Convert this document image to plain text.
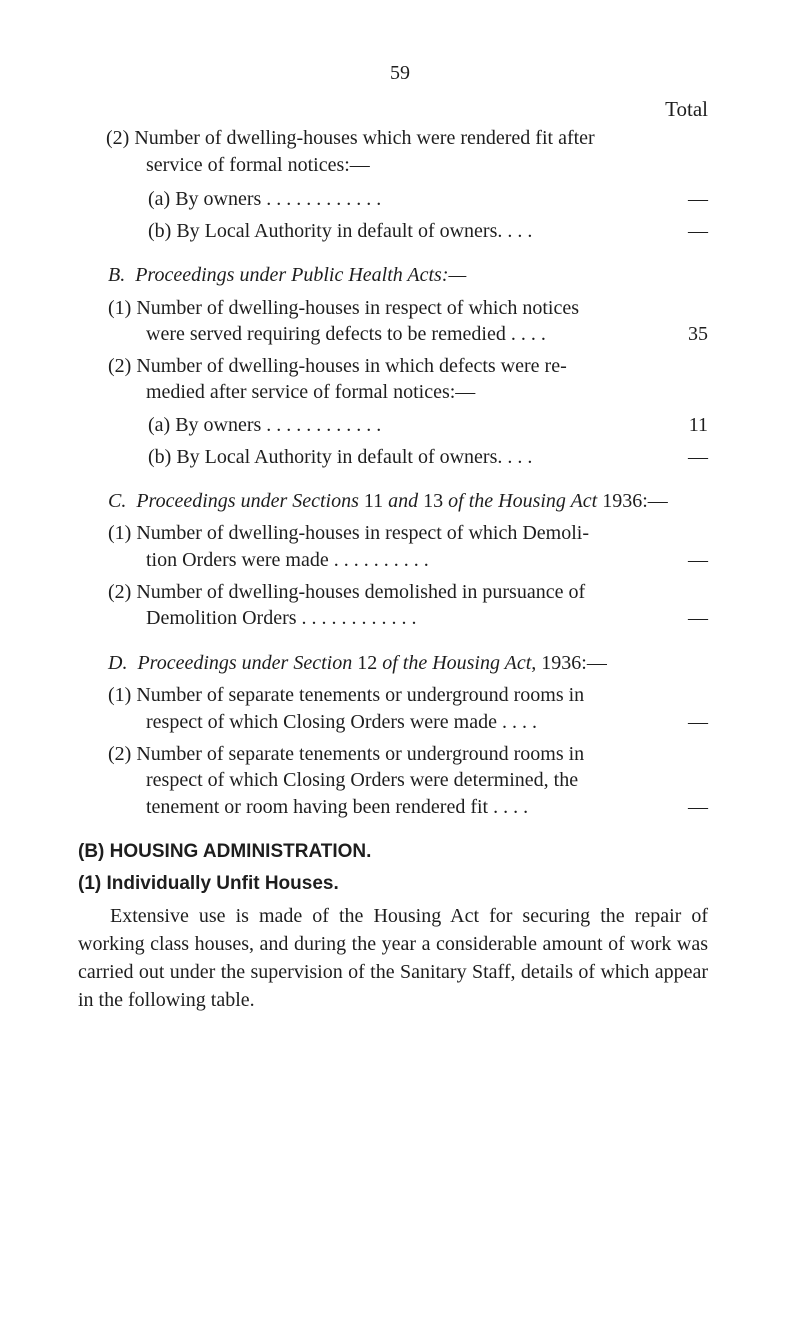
59
Total
(2) Number of dwelling-houses which were rendered fit after
service of formal notices:—
(a) By owners . . . . . . . . . . . .	—
(b) By Local Authority in default of owners. . . .	—
B. Proceedings under Public Health Acts:—
(1) Number of dwelling-houses in respect of which notices
were served requiring defects to be remedied . . . .	35
(2) Number of dwelling-houses in which defects were re-
medied after service of formal notices:—
(a) By owners . . . . . . . . . . . .	11
(b) By Local Authority in default of owners. . . .	—
C. Proceedings under Sections 11 and 13 of the Housing Act 1936:—
(1) Number of dwelling-houses in respect of which Demoli-
tion Orders were made . . . . . . . . . .	—
(2) Number of dwelling-houses demolished in pursuance of
Demolition Orders . . . . . . . . . . . .	—
D. Proceedings under Section 12 of the Housing Act, 1936:—
(1) Number of separate tenements or underground rooms in
respect of which Closing Orders were made . . . .	—
(2) Number of separate tenements or underground rooms in
respect of which Closing Orders were determined, the
tenement or room having been rendered fit . . . .	—
(B) HOUSING ADMINISTRATION.
(1) Individually Unfit Houses.
Extensive use is made of the Housing Act for securing the repair of working class houses, and during the year a considerable amount of work was carried out under the supervision of the Sanitary Staff, details of which appear in the following table.
